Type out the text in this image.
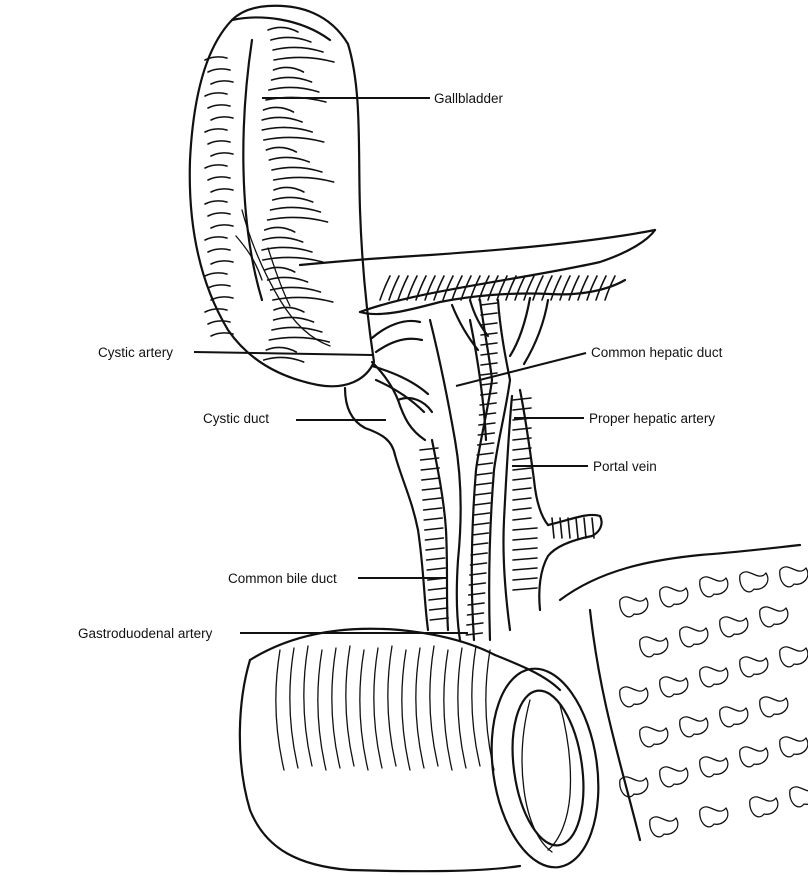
Gallbladder
Cystic artery	Common hepatic duct
Cystic duct	Proper hepatic artery
Portal vein
Common bile duct
Gastroduodenal artery
